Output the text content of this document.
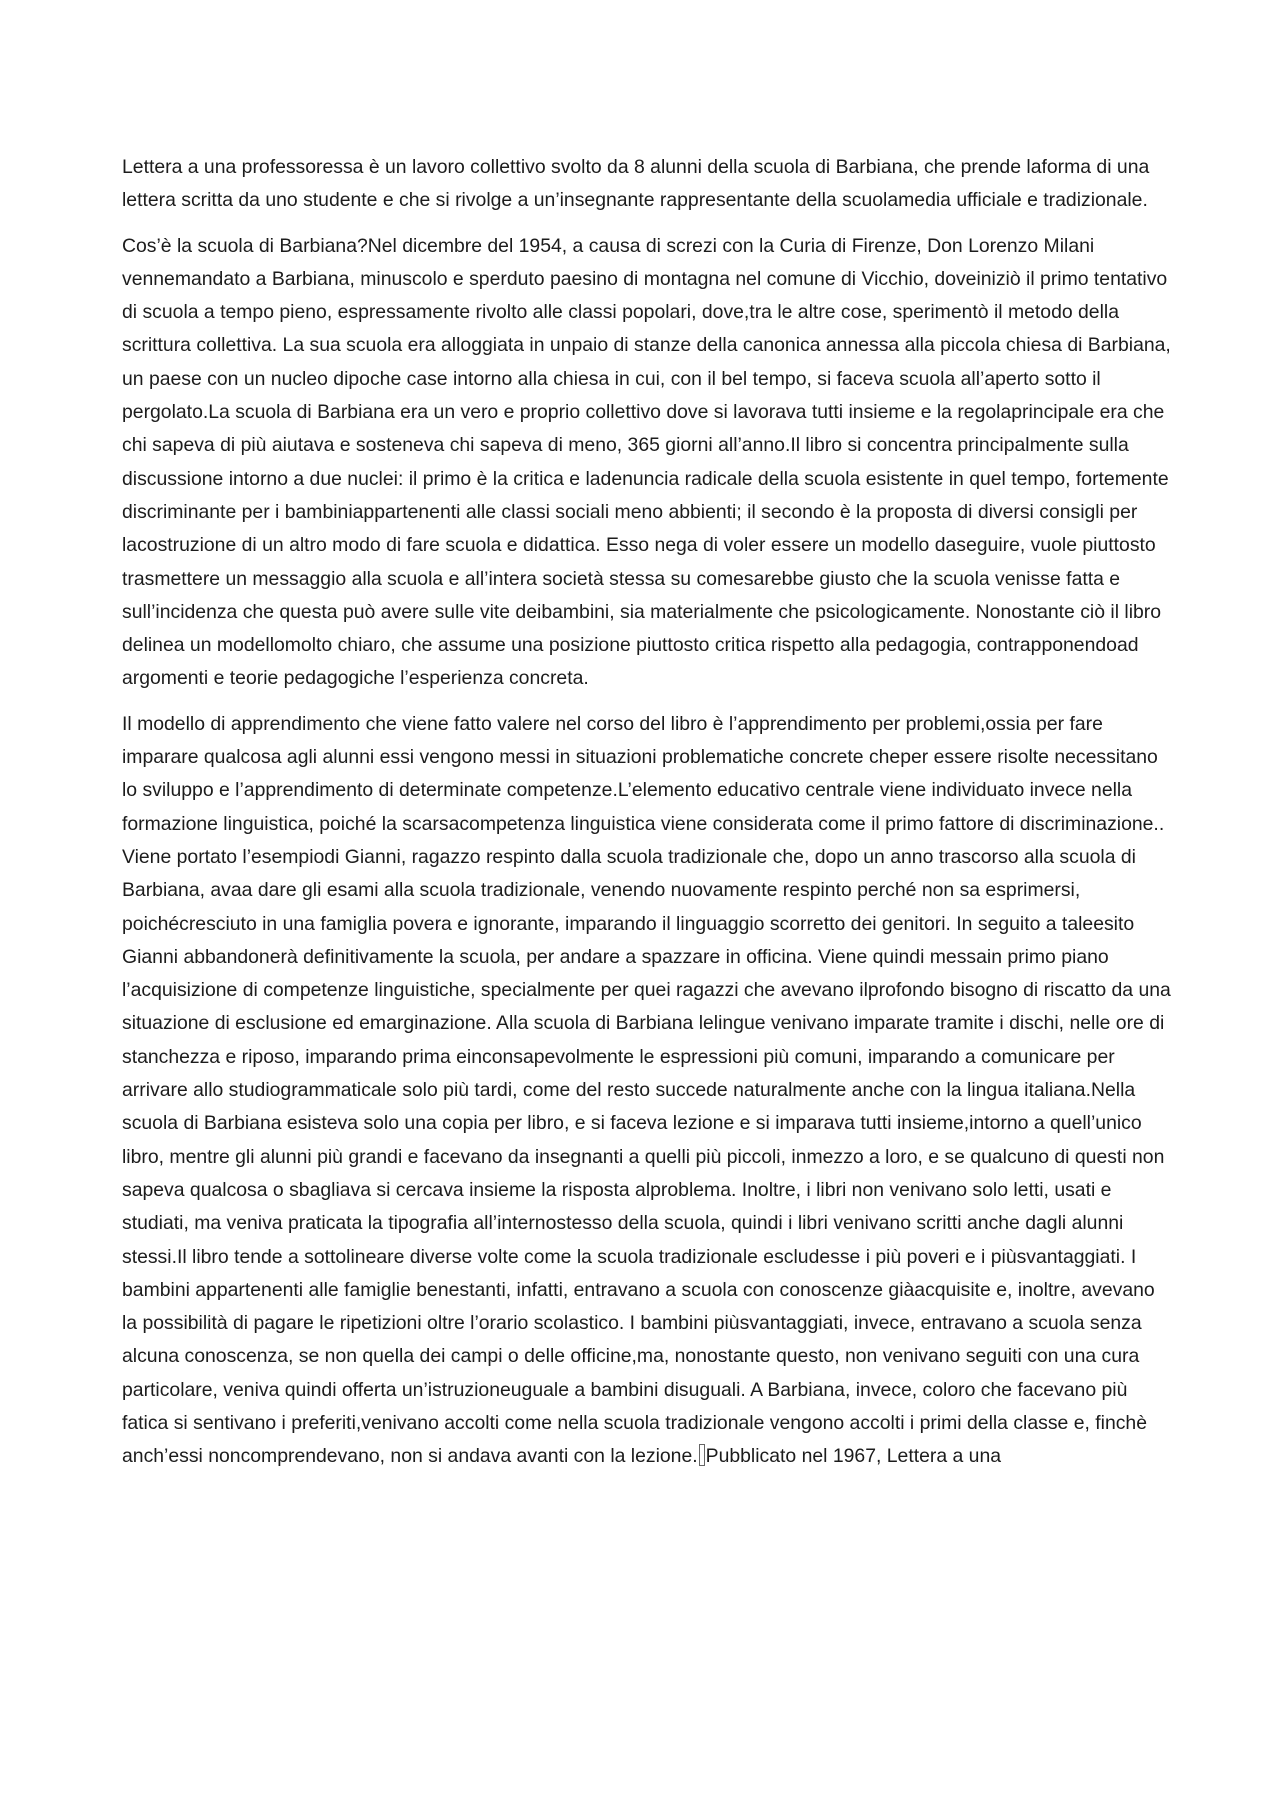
Lettera a una professoressa è un lavoro collettivo svolto da 8 alunni della scuola di Barbiana, che prende laforma di una lettera scritta da uno studente e che si rivolge a un’insegnante rappresentante della scuolamedia ufficiale e tradizionale.

Cos’è la scuola di Barbiana?Nel dicembre del 1954, a causa di screzi con la Curia di Firenze, Don Lorenzo Milani vennemandato a Barbiana, minuscolo e sperduto paesino di montagna nel comune di Vicchio, doveiniziò il primo tentativo di scuola a tempo pieno, espressamente rivolto alle classi popolari, dove,tra le altre cose, sperimentò il metodo della scrittura collettiva. La sua scuola era alloggiata in unpaio di stanze della canonica annessa alla piccola chiesa di Barbiana, un paese con un nucleo dipoche case intorno alla chiesa in cui, con il bel tempo, si faceva scuola all’aperto sotto il pergolato.La scuola di Barbiana era un vero e proprio collettivo dove si lavorava tutti insieme e la regolaprincipale era che chi sapeva di più aiutava e sosteneva chi sapeva di meno, 365 giorni all’anno.Il libro si concentra principalmente sulla discussione intorno a due nuclei: il primo è la critica e ladenuncia radicale della scuola esistente in quel tempo, fortemente discriminante per i bambiniappartenenti alle classi sociali meno abbienti; il secondo è la proposta di diversi consigli per lacostruzione di un altro modo di fare scuola e didattica. Esso nega di voler essere un modello daseguire, vuole piuttosto trasmettere un messaggio alla scuola e all’intera società stessa su comesarebbe giusto che la scuola venisse fatta e sull’incidenza che questa può avere sulle vite deibambini, sia materialmente che psicologicamente. Nonostante ciò il libro delinea un modellomolto chiaro, che assume una posizione piuttosto critica rispetto alla pedagogia, contrapponendoad argomenti e teorie pedagogiche l’esperienza concreta.

Il modello di apprendimento che viene fatto valere nel corso del libro è l’apprendimento per problemi,ossia per fare imparare qualcosa agli alunni essi vengono messi in situazioni problematiche concrete cheper essere risolte necessitano lo sviluppo e l’apprendimento di determinate competenze.L’elemento educativo centrale viene individuato invece nella formazione linguistica, poiché la scarsacompetenza linguistica viene considerata come il primo fattore di discriminazione.. Viene portato l’esempiodi Gianni, ragazzo respinto dalla scuola tradizionale che, dopo un anno trascorso alla scuola di Barbiana, avaa dare gli esami alla scuola tradizionale, venendo nuovamente respinto perché non sa esprimersi, poichécresciuto in una famiglia povera e ignorante, imparando il linguaggio scorretto dei genitori. In seguito a taleesito Gianni abbandonerà definitivamente la scuola, per andare a spazzare in officina. Viene quindi messain primo piano l’acquisizione di competenze linguistiche, specialmente per quei ragazzi che avevano ilprofondo bisogno di riscatto da una situazione di esclusione ed emarginazione. Alla scuola di Barbiana lelingue venivano imparate tramite i dischi, nelle ore di stanchezza e riposo, imparando prima einconsapevolmente le espressioni più comuni, imparando a comunicare per arrivare allo studiogrammaticale solo più tardi, come del resto succede naturalmente anche con la lingua italiana.Nella scuola di Barbiana esisteva solo una copia per libro, e si faceva lezione e si imparava tutti insieme,intorno a quell’unico libro, mentre gli alunni più grandi e facevano da insegnanti a quelli più piccoli, inmezzo a loro, e se qualcuno di questi non sapeva qualcosa o sbagliava si cercava insieme la risposta alproblema. Inoltre, i libri non venivano solo letti, usati e studiati, ma veniva praticata la tipografia all’internostesso della scuola, quindi i libri venivano scritti anche dagli alunni stessi.Il libro tende a sottolineare diverse volte come la scuola tradizionale escludesse i più poveri e i piùsvantaggiati. I bambini appartenenti alle famiglie benestanti, infatti, entravano a scuola con conoscenze giàacquisite e, inoltre, avevano la possibilità di pagare le ripetizioni oltre l’orario scolastico. I bambini piùsvantaggiati, invece, entravano a scuola senza alcuna conoscenza, se non quella dei campi o delle officine,ma, nonostante questo, non venivano seguiti con una cura particolare, veniva quindi offerta un’istruzioneuguale a bambini disuguali. A Barbiana, invece, coloro che facevano più fatica si sentivano i preferiti,venivano accolti come nella scuola tradizionale vengono accolti i primi della classe e, finchè anch’essi noncomprendevano, non si andava avanti con la lezione. Pubblicato nel 1967, Lettera a una
